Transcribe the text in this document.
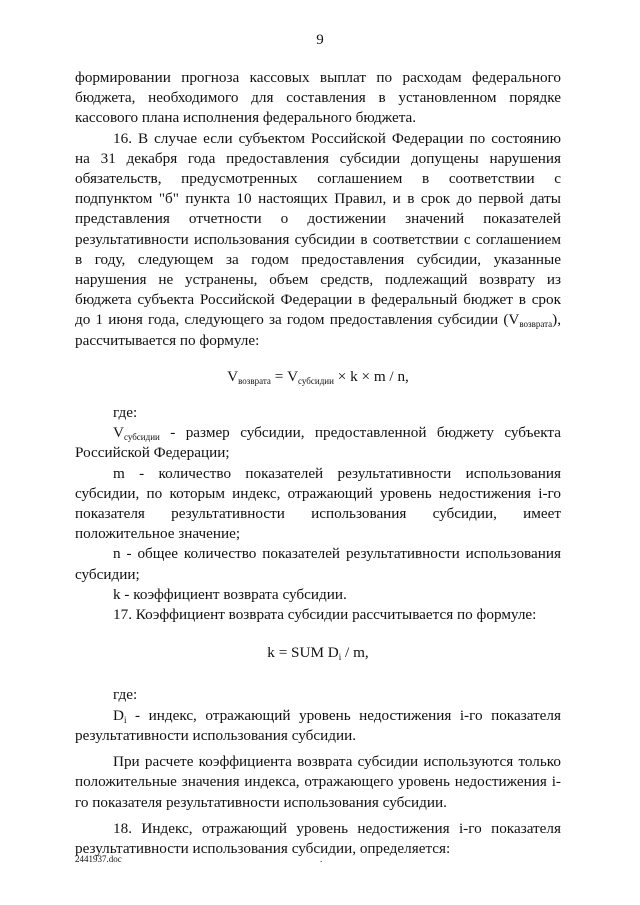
9

формировании прогноза кассовых выплат по расходам федерального бюджета, необходимого для составления в установленном порядке кассового плана исполнения федерального бюджета.

16. В случае если субъектом Российской Федерации по состоянию на 31 декабря года предоставления субсидии допущены нарушения обязательств, предусмотренных соглашением в соответствии с подпунктом "б" пункта 10 настоящих Правил, и в срок до первой даты представления отчетности о достижении значений показателей результативности использования субсидии в соответствии с соглашением в году, следующем за годом предоставления субсидии, указанные нарушения не устранены, объем средств, подлежащий возврату из бюджета субъекта Российской Федерации в федеральный бюджет в срок до 1 июня года, следующего за годом предоставления субсидии $(V_{возврата})$, рассчитывается по формуле:

$V_{возврата} = V_{субсидии} \times k \times m / n$,

где:

$V_{субсидии}$ - размер субсидии, предоставленной бюджету субъекта Российской Федерации;

m - количество показателей результативности использования субсидии, по которым индекс, отражающий уровень недостижения i-го показателя результативности использования субсидии, имеет положительное значение;

n - общее количество показателей результативности использования субсидии;

k - коэффициент возврата субсидии.

17. Коэффициент возврата субсидии рассчитывается по формуле:

k = SUM $D_i$ / m,

где:

$D_i$ - индекс, отражающий уровень недостижения i-го показателя результативности использования субсидии.

При расчете коэффициента возврата субсидии используются только положительные значения индекса, отражающего уровень недостижения i-го показателя результативности использования субсидии.

18. Индекс, отражающий уровень недостижения i-го показателя результативности использования субсидии, определяется:

2441937.doc	.
